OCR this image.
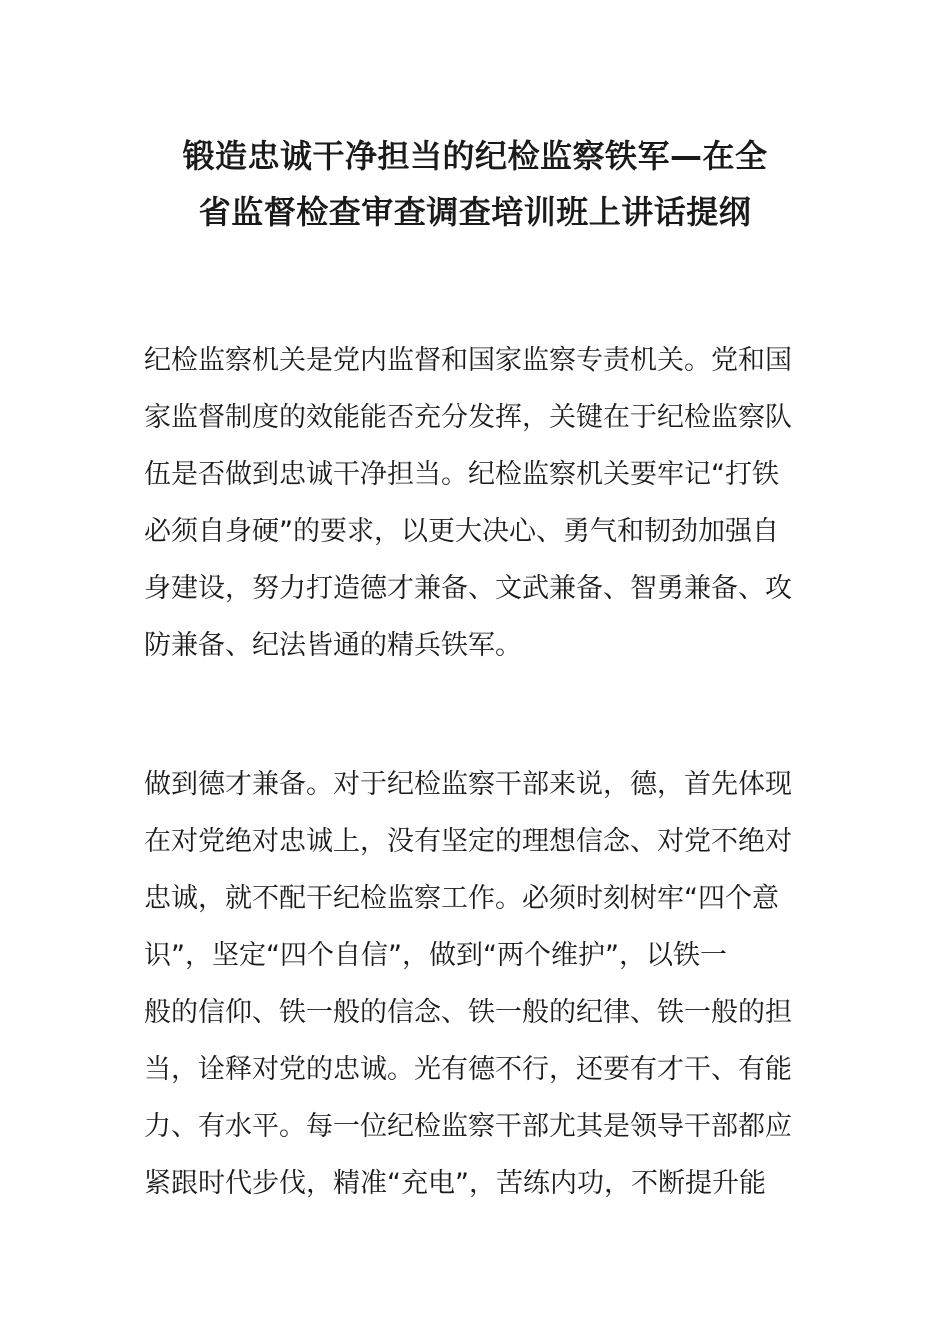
锻造忠诚干净担当的纪检监察铁军—在全
省监督检查审查调查培训班上讲话提纲

纪检监察机关是党内监督和国家监察专责机关。党和国
家监督制度的效能能否充分发挥，关键在于纪检监察队
伍是否做到忠诚干净担当。纪检监察机关要牢记“打铁
必须自身硬”的要求，以更大决心、勇气和韧劲加强自
身建设，努力打造德才兼备、文武兼备、智勇兼备、攻
防兼备、纪法皆通的精兵铁军。

做到德才兼备。对于纪检监察干部来说，德，首先体现
在对党绝对忠诚上，没有坚定的理想信念、对党不绝对
忠诚，就不配干纪检监察工作。必须时刻树牢“四个意
识”，坚定“四个自信”，做到“两个维护”，以铁一
般的信仰、铁一般的信念、铁一般的纪律、铁一般的担
当，诠释对党的忠诚。光有德不行，还要有才干、有能
力、有水平。每一位纪检监察干部尤其是领导干部都应
紧跟时代步伐，精准“充电”，苦练内功，不断提升能
